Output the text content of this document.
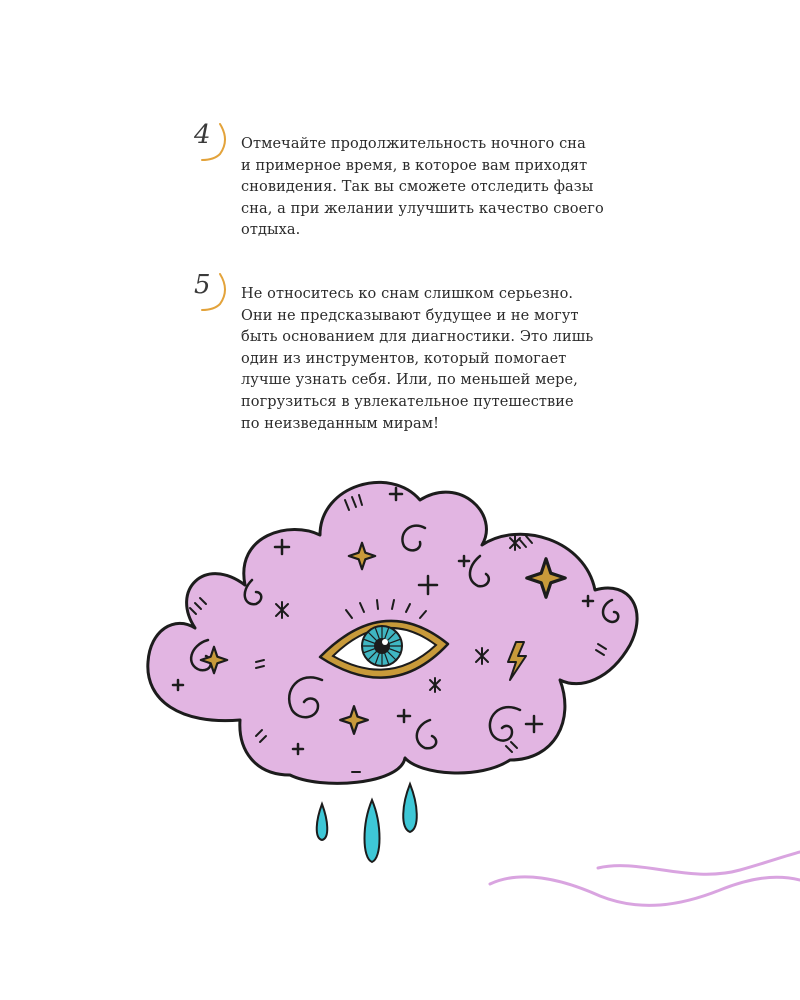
4 Отмечайте продолжительность ночного сна
и примерное время, в которое вам приходят
сновидения. Так вы сможете отследить фазы
сна, а при желании улучшить качество своего
отдыха.

5 Не относитесь ко снам слишком серьезно.
Они не предсказывают будущее и не могут
быть основанием для диагностики. Это лишь
один из инструментов, который помогает
лучше узнать себя. Или, по меньшей мере,
погрузиться в увлекательное путешествие
по неизведанным мирам!
